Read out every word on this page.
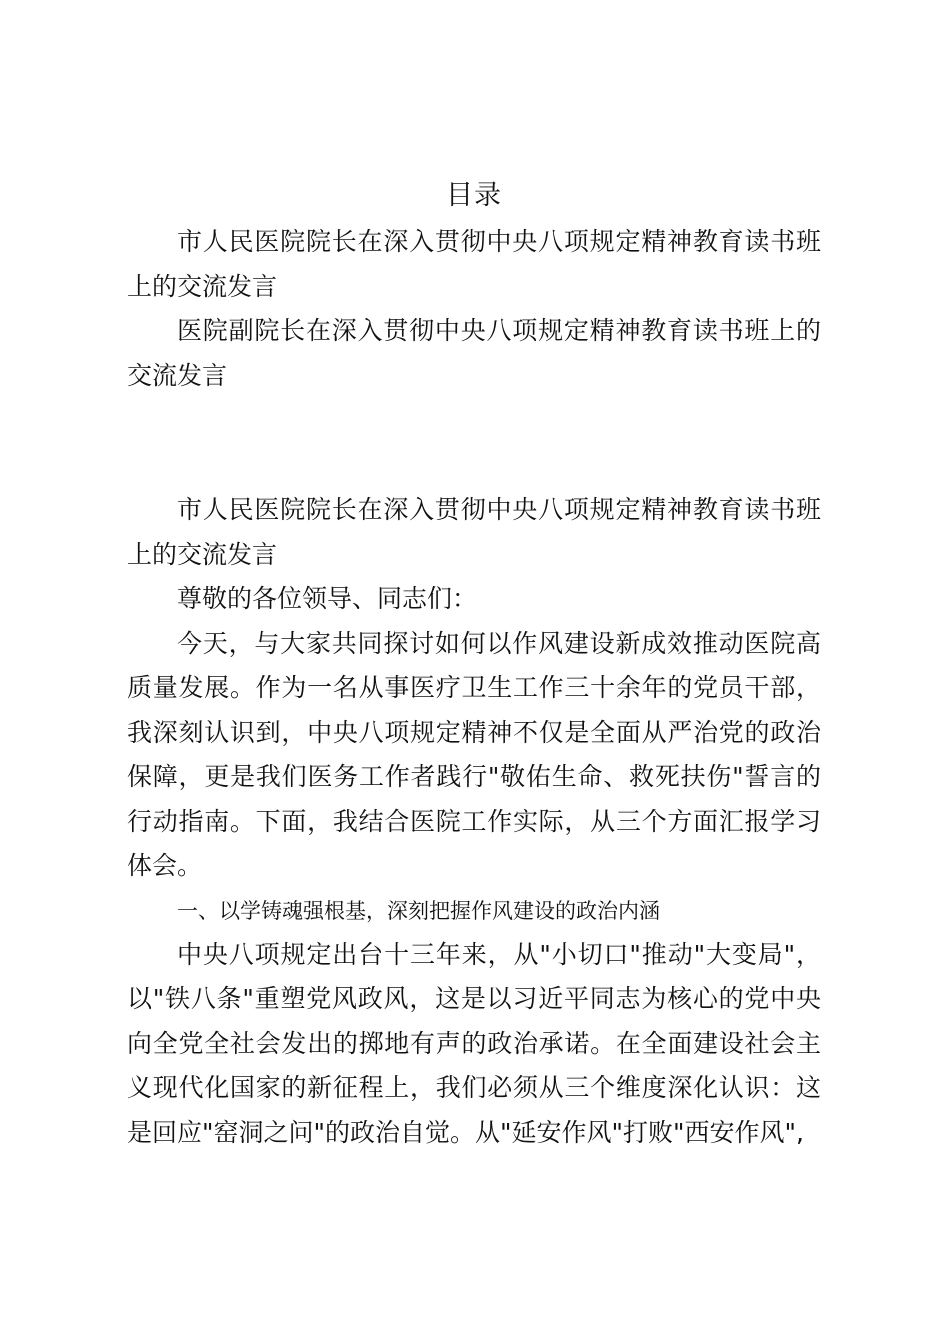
目录

市人民医院院长在深入贯彻中央八项规定精神教育读书班上的交流发言

医院副院长在深入贯彻中央八项规定精神教育读书班上的交流发言

市人民医院院长在深入贯彻中央八项规定精神教育读书班上的交流发言

尊敬的各位领导、同志们：

今天，与大家共同探讨如何以作风建设新成效推动医院高质量发展。作为一名从事医疗卫生工作三十余年的党员干部，我深刻认识到，中央八项规定精神不仅是全面从严治党的政治保障，更是我们医务工作者践行"敬佑生命、救死扶伤"誓言的行动指南。下面，我结合医院工作实际，从三个方面汇报学习体会。

一、以学铸魂强根基，深刻把握作风建设的政治内涵

中央八项规定出台十三年来，从"小切口"推动"大变局"，以"铁八条"重塑党风政风，这是以习近平同志为核心的党中央向全党全社会发出的掷地有声的政治承诺。在全面建设社会主义现代化国家的新征程上，我们必须从三个维度深化认识：这是回应"窑洞之问"的政治自觉。从"延安作风"打败"西安作风",
